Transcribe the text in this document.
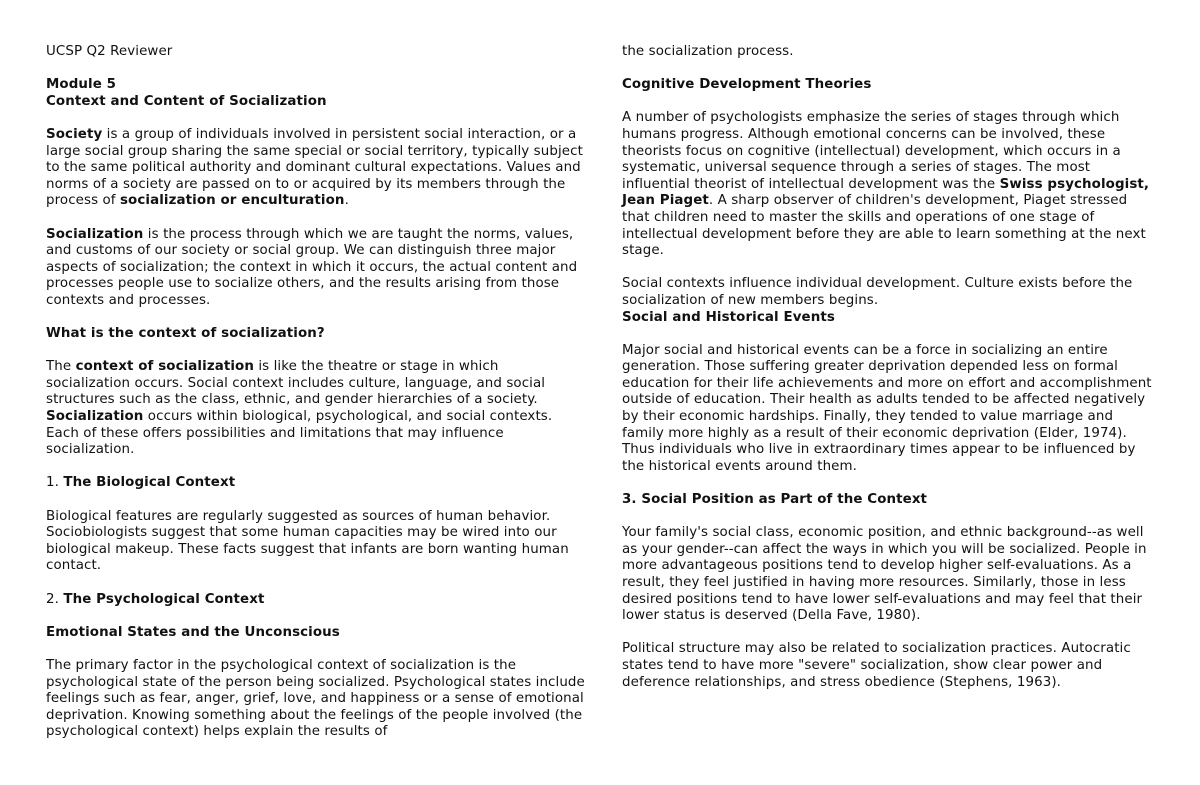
UCSP Q2 Reviewer

Module 5

Context and Content of Socialization

Society is a group of individuals involved in persistent social interaction, or a large social group sharing the same special or social territory, typically subject to the same political authority and dominant cultural expectations. Values and norms of a society are passed on to or acquired by its members through the process of socialization or enculturation.

Socialization is the process through which we are taught the norms, values, and customs of our society or social group. We can distinguish three major aspects of socialization; the context in which it occurs, the actual content and processes people use to socialize others, and the results arising from those contexts and processes.

What is the context of socialization?

The context of socialization is like the theatre or stage in which socialization occurs. Social context includes culture, language, and social structures such as the class, ethnic, and gender hierarchies of a society. Socialization occurs within biological, psychological, and social contexts. Each of these offers possibilities and limitations that may influence socialization.

1. The Biological Context

Biological features are regularly suggested as sources of human behavior. Sociobiologists suggest that some human capacities may be wired into our biological makeup. These facts suggest that infants are born wanting human contact.

2. The Psychological Context

Emotional States and the Unconscious

The primary factor in the psychological context of socialization is the psychological state of the person being socialized. Psychological states include feelings such as fear, anger, grief, love, and happiness or a sense of emotional deprivation. Knowing something about the feelings of the people involved (the psychological context) helps explain the results of

the socialization process.

Cognitive Development Theories

A number of psychologists emphasize the series of stages through which humans progress. Although emotional concerns can be involved, these theorists focus on cognitive (intellectual) development, which occurs in a systematic, universal sequence through a series of stages. The most influential theorist of intellectual development was the Swiss psychologist, Jean Piaget. A sharp observer of children's development, Piaget stressed that children need to master the skills and operations of one stage of intellectual development before they are able to learn something at the next stage.

Social contexts influence individual development. Culture exists before the socialization of new members begins.

Social and Historical Events

Major social and historical events can be a force in socializing an entire generation. Those suffering greater deprivation depended less on formal education for their life achievements and more on effort and accomplishment outside of education. Their health as adults tended to be affected negatively by their economic hardships. Finally, they tended to value marriage and family more highly as a result of their economic deprivation (Elder, 1974). Thus individuals who live in extraordinary times appear to be influenced by the historical events around them.

3. Social Position as Part of the Context

Your family's social class, economic position, and ethnic background--as well as your gender--can affect the ways in which you will be socialized. People in more advantageous positions tend to develop higher self-evaluations. As a result, they feel justified in having more resources. Similarly, those in less desired positions tend to have lower self-evaluations and may feel that their lower status is deserved (Della Fave, 1980).

Political structure may also be related to socialization practices. Autocratic states tend to have more "severe" socialization, show clear power and deference relationships, and stress obedience (Stephens, 1963).
